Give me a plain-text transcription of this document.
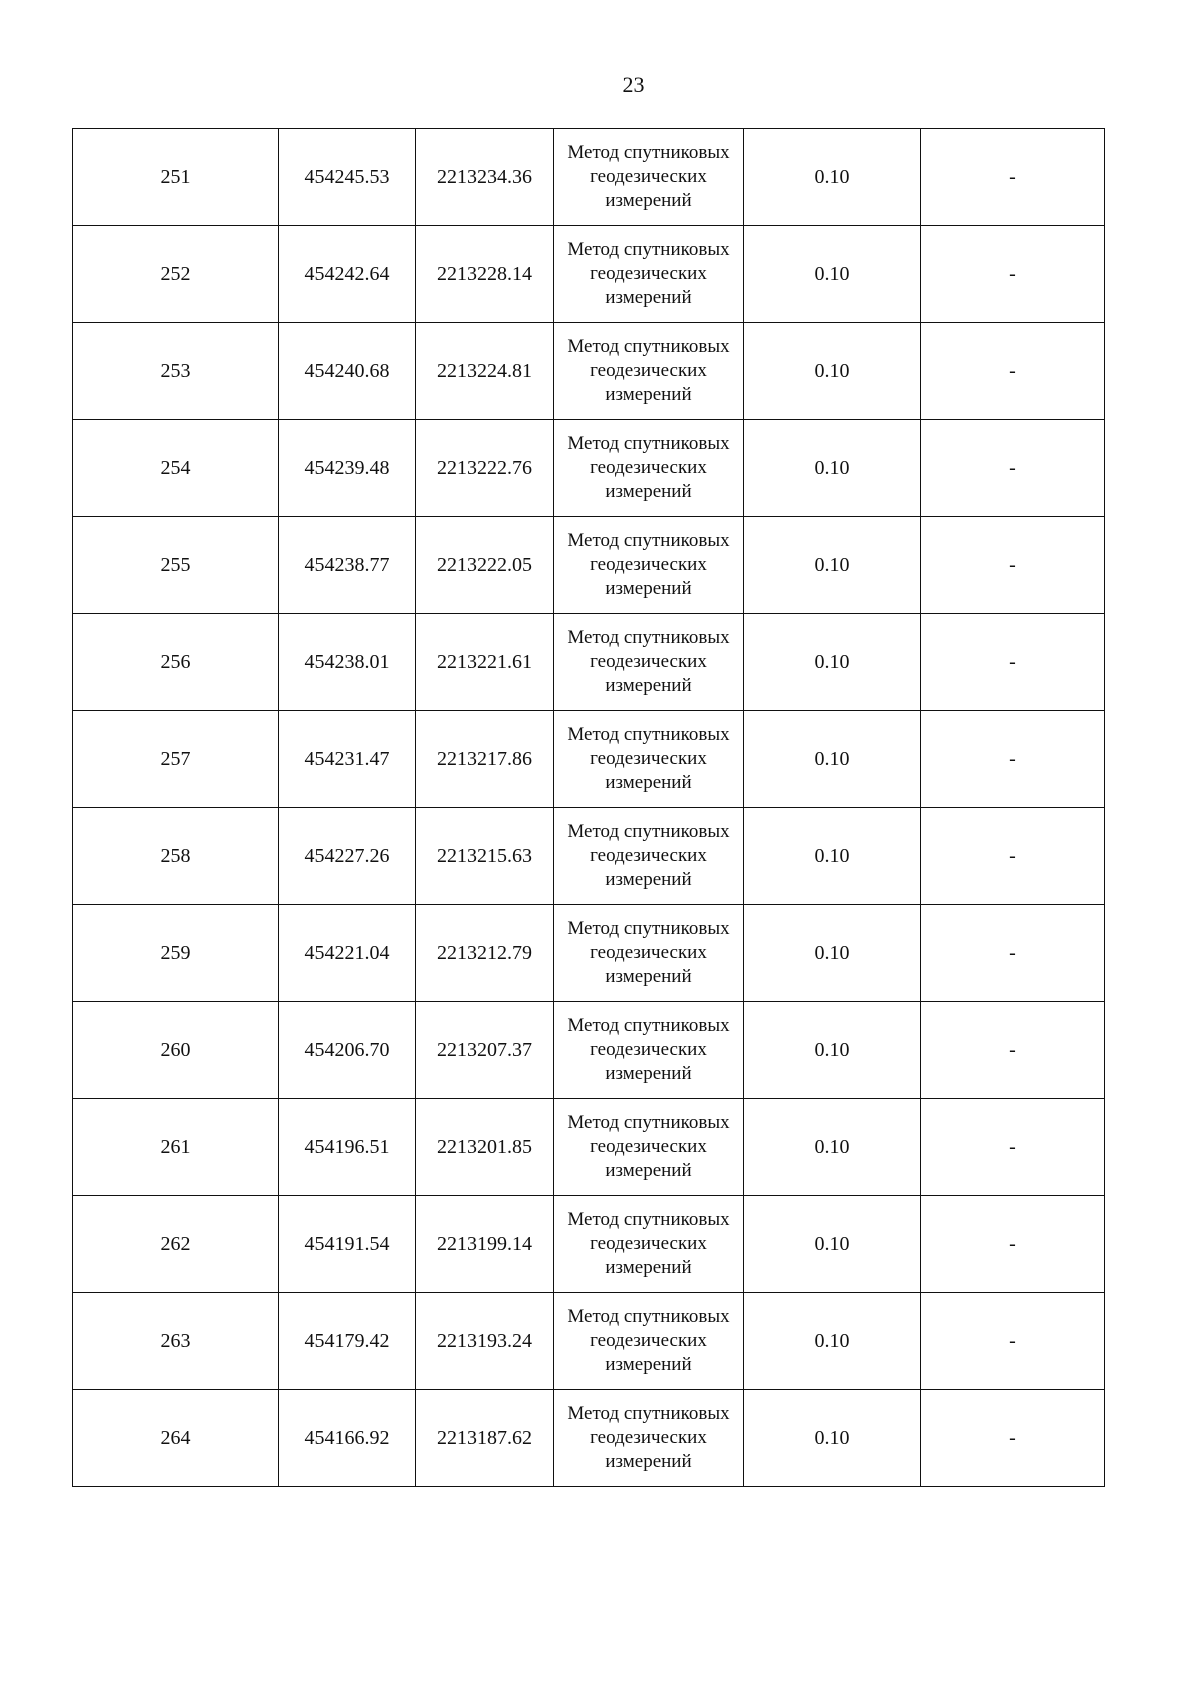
23
251	454245.53	2213234.36	Метод спутниковых геодезических измерений	0.10	-
252	454242.64	2213228.14	Метод спутниковых геодезических измерений	0.10	-
253	454240.68	2213224.81	Метод спутниковых геодезических измерений	0.10	-
254	454239.48	2213222.76	Метод спутниковых геодезических измерений	0.10	-
255	454238.77	2213222.05	Метод спутниковых геодезических измерений	0.10	-
256	454238.01	2213221.61	Метод спутниковых геодезических измерений	0.10	-
257	454231.47	2213217.86	Метод спутниковых геодезических измерений	0.10	-
258	454227.26	2213215.63	Метод спутниковых геодезических измерений	0.10	-
259	454221.04	2213212.79	Метод спутниковых геодезических измерений	0.10	-
260	454206.70	2213207.37	Метод спутниковых геодезических измерений	0.10	-
261	454196.51	2213201.85	Метод спутниковых геодезических измерений	0.10	-
262	454191.54	2213199.14	Метод спутниковых геодезических измерений	0.10	-
263	454179.42	2213193.24	Метод спутниковых геодезических измерений	0.10	-
264	454166.92	2213187.62	Метод спутниковых геодезических измерений	0.10	-
